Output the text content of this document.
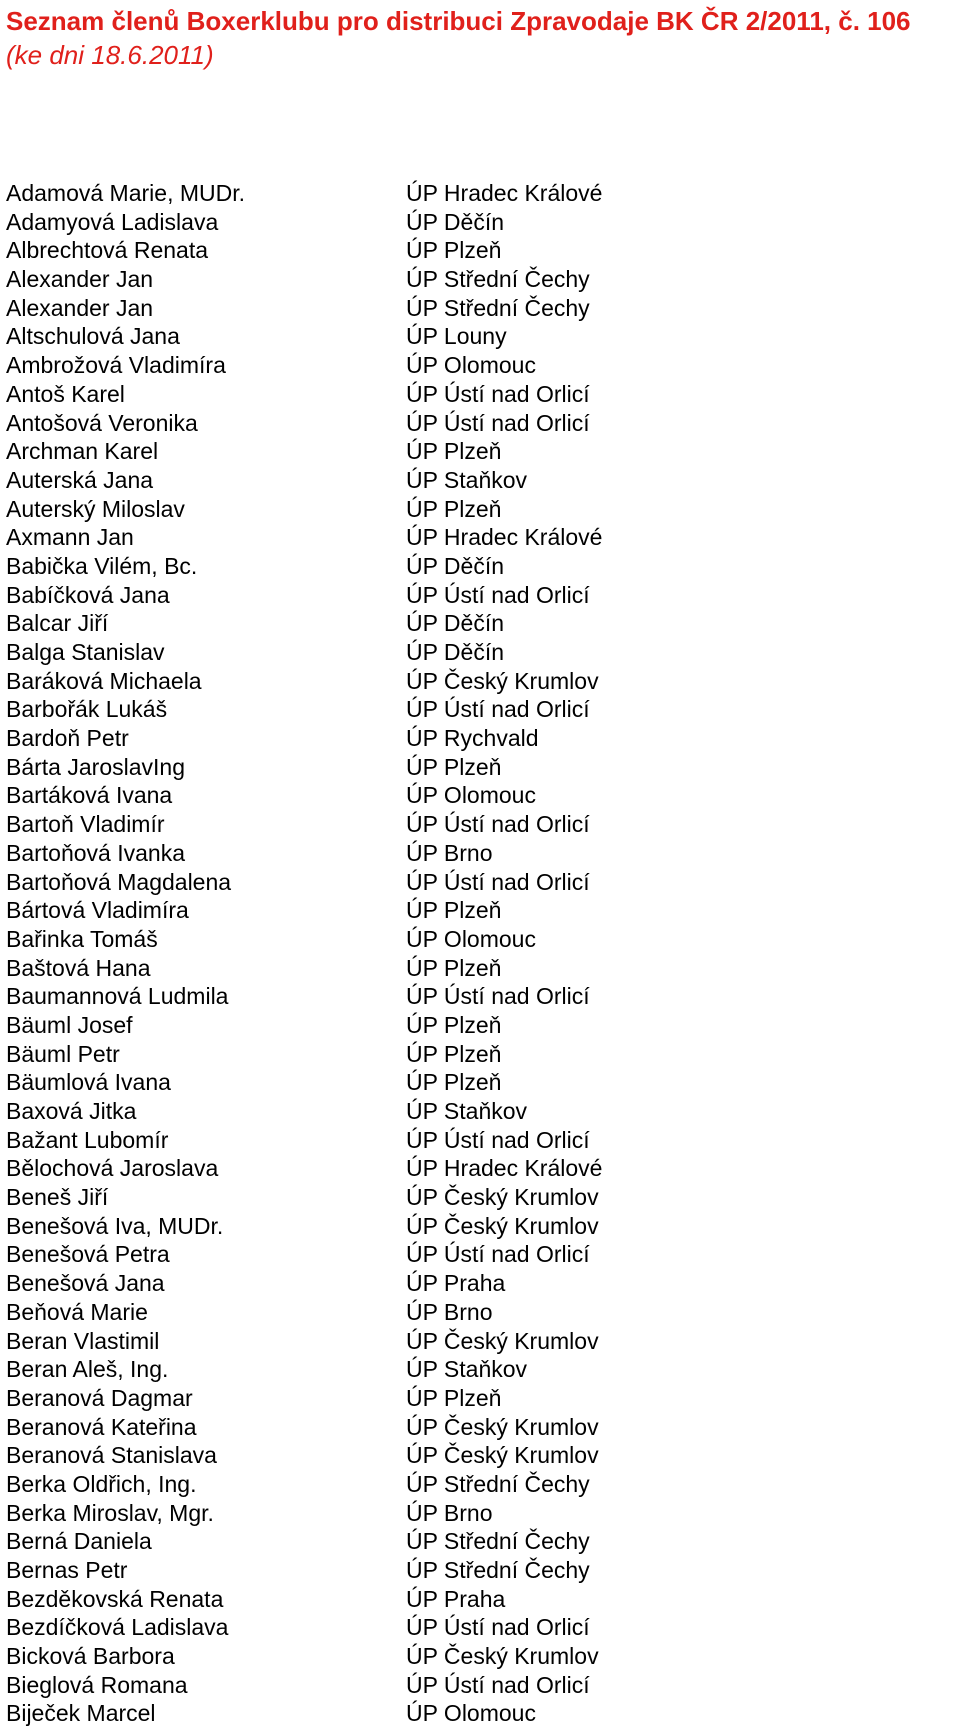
Seznam členů Boxerklubu pro distribuci Zpravodaje BK ČR 2/2011, č. 106
(ke dni 18.6.2011)
Adamová Marie, MUDr.	ÚP Hradec Králové
Adamyová Ladislava	ÚP Děčín
Albrechtová Renata	ÚP Plzeň
Alexander Jan	ÚP Střední Čechy
Alexander Jan	ÚP Střední Čechy
Altschulová Jana	ÚP Louny
Ambrožová Vladimíra	ÚP Olomouc
Antoš Karel	ÚP Ústí nad Orlicí
Antošová Veronika	ÚP Ústí nad Orlicí
Archman Karel	ÚP Plzeň
Auterská Jana	ÚP Staňkov
Auterský Miloslav	ÚP Plzeň
Axmann Jan	ÚP Hradec Králové
Babička Vilém, Bc.	ÚP Děčín
Babíčková Jana	ÚP Ústí nad Orlicí
Balcar Jiří	ÚP Děčín
Balga Stanislav	ÚP Děčín
Baráková Michaela	ÚP Český Krumlov
Barbořák Lukáš	ÚP Ústí nad Orlicí
Bardoň Petr	ÚP Rychvald
Bárta JaroslavIng	ÚP Plzeň
Bartáková Ivana	ÚP Olomouc
Bartoň Vladimír	ÚP Ústí nad Orlicí
Bartoňová Ivanka	ÚP Brno
Bartoňová Magdalena	ÚP Ústí nad Orlicí
Bártová Vladimíra	ÚP Plzeň
Bařinka Tomáš	ÚP Olomouc
Baštová Hana	ÚP Plzeň
Baumannová Ludmila	ÚP Ústí nad Orlicí
Bäuml Josef	ÚP Plzeň
Bäuml Petr	ÚP Plzeň
Bäumlová Ivana	ÚP Plzeň
Baxová Jitka	ÚP Staňkov
Bažant Lubomír	ÚP Ústí nad Orlicí
Bělochová Jaroslava	ÚP Hradec Králové
Beneš Jiří	ÚP Český Krumlov
Benešová Iva, MUDr.	ÚP Český Krumlov
Benešová Petra	ÚP Ústí nad Orlicí
Benešová Jana	ÚP Praha
Beňová Marie	ÚP Brno
Beran Vlastimil	ÚP Český Krumlov
Beran Aleš, Ing.	ÚP Staňkov
Beranová Dagmar	ÚP Plzeň
Beranová Kateřina	ÚP Český Krumlov
Beranová Stanislava	ÚP Český Krumlov
Berka Oldřich, Ing.	ÚP Střední Čechy
Berka Miroslav, Mgr.	ÚP Brno
Berná Daniela	ÚP Střední Čechy
Bernas Petr	ÚP Střední Čechy
Bezděkovská Renata	ÚP Praha
Bezdíčková Ladislava	ÚP Ústí nad Orlicí
Bicková Barbora	ÚP Český Krumlov
Bieglová Romana	ÚP Ústí nad Orlicí
Biječek Marcel	ÚP Olomouc
